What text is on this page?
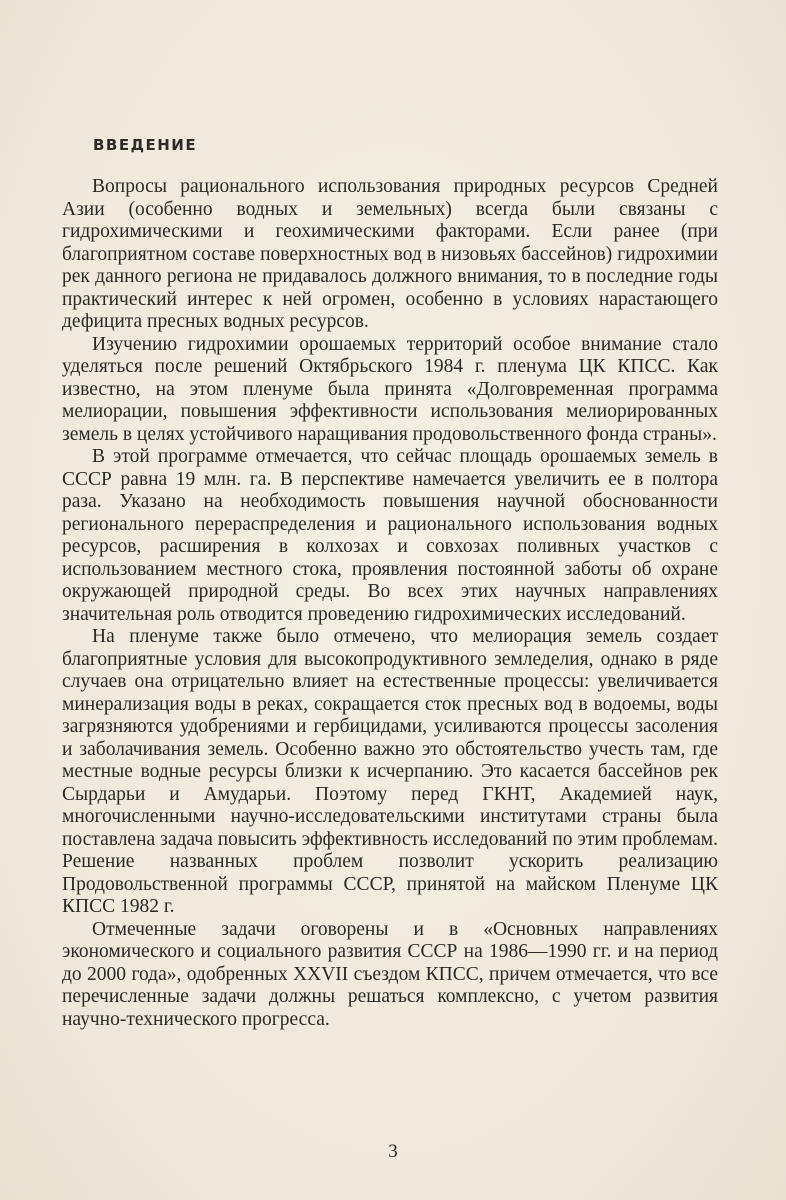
ВВЕДЕНИЕ

Вопросы рационального использования природных ресурсов Средней Азии (особенно водных и земельных) всегда были связаны с гидрохимическими и геохимическими факторами. Если ранее (при благоприятном составе поверхностных вод в низовьях бассейнов) гидрохимии рек данного региона не придавалось должного внимания, то в последние годы практический интерес к ней огромен, особенно в условиях нарастающего дефицита пресных водных ресурсов.

Изучению гидрохимии орошаемых территорий особое внимание стало уделяться после решений Октябрьского 1984 г. пленума ЦК КПСС. Как известно, на этом пленуме была принята «Долговременная программа мелиорации, повышения эффективности использования мелиорированных земель в целях устойчивого наращивания продовольственного фонда страны».

В этой программе отмечается, что сейчас площадь орошаемых земель в СССР равна 19 млн. га. В перспективе намечается увеличить ее в полтора раза. Указано на необходимость повышения научной обоснованности регионального перераспределения и рационального использования водных ресурсов, расширения в колхозах и совхозах поливных участков с использованием местного стока, проявления постоянной заботы об охране окружающей природной среды. Во всех этих научных направлениях значительная роль отводится проведению гидрохимических исследований.

На пленуме также было отмечено, что мелиорация земель создает благоприятные условия для высокопродуктивного земледелия, однако в ряде случаев она отрицательно влияет на естественные процессы: увеличивается минерализация воды в реках, сокращается сток пресных вод в водоемы, воды загрязняются удобрениями и гербицидами, усиливаются процессы засоления и заболачивания земель. Особенно важно это обстоятельство учесть там, где местные водные ресурсы близки к исчерпанию. Это касается бассейнов рек Сырдарьи и Амударьи. Поэтому перед ГКНТ, Академией наук, многочисленными научно-исследовательскими институтами страны была поставлена задача повысить эффективность исследований по этим проблемам. Решение названных проблем позволит ускорить реализацию Продовольственной программы СССР, принятой на майском Пленуме ЦК КПСС 1982 г.

Отмеченные задачи оговорены и в «Основных направлениях экономического и социального развития СССР на 1986—1990 гг. и на период до 2000 года», одобренных XXVII съездом КПСС, причем отмечается, что все перечисленные задачи должны решаться комплексно, с учетом развития научно-технического прогресса.

3
